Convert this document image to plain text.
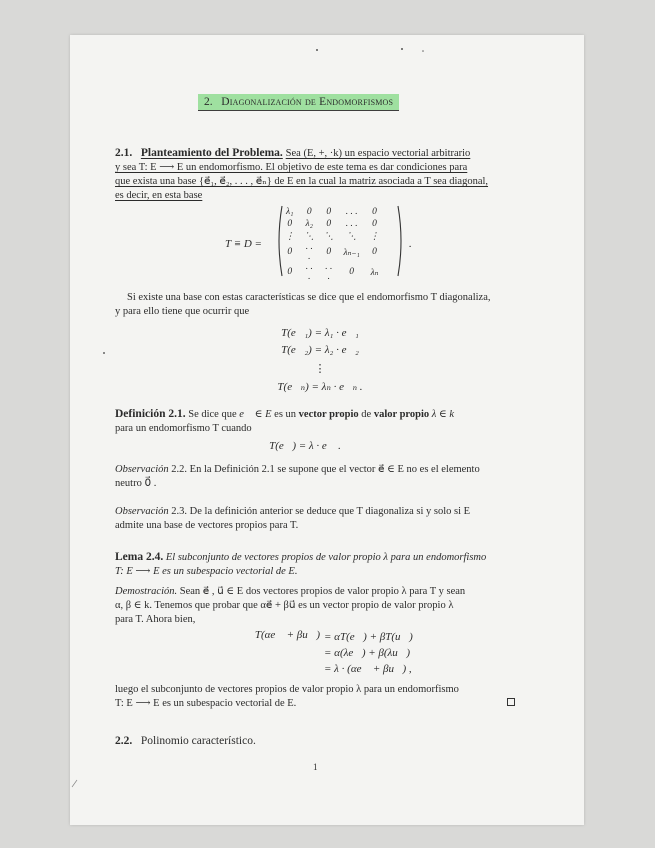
2. Diagonalización de Endomorfismos
2.1. Planteamiento del Problema. Sea (E, +, ·k) un espacio vectorial arbitrario
y sea T: E ⟶ E un endomorfismo. El objetivo de este tema es dar condiciones para
que exista una base {e⃗₁, e⃗₂, . . . , e⃗ₙ} de E en la cual la matriz asociada a T sea diagonal,
es decir, en esta base
T ≡ D =
λ₁	0	0	. . .	0
0	λ₂	0	. . .	0
⋮	⋱	⋱	⋱	⋮
0	. . .	0	λₙ₋₁	0
0	. . .	. . .	0	λₙ
.
Si existe una base con estas características se dice que el endomorfismo T diagonaliza,
y para ello tiene que ocurrir que
T(e⃗₁) = λ₁ · e⃗₁
T(e⃗₂) = λ₂ · e⃗₂
⋮
T(e⃗ₙ) = λₙ · e⃗ₙ .
Definición 2.1. Se dice que e⃗ ∈ E es un vector propio de valor propio λ ∈ k
para un endomorfismo T cuando
T(e⃗) = λ · e⃗ .
Observación 2.2. En la Definición 2.1 se supone que el vector e⃗ ∈ E no es el elemento
neutro 0⃗ .
Observación 2.3. De la definición anterior se deduce que T diagonaliza si y solo si E
admite una base de vectores propios para T.
Lema 2.4. El subconjunto de vectores propios de valor propio λ para un endomorfismo
T: E ⟶ E es un subespacio vectorial de E.
Demostración. Sean e⃗ , u⃗ ∈ E dos vectores propios de valor propio λ para T y sean
α, β ∈ k. Tenemos que probar que αe⃗ + βu⃗ es un vector propio de valor propio λ
para T. Ahora bien,
T(αe⃗ + βu⃗) = αT(e⃗) + βT(u⃗)
= α(λe⃗) + β(λu⃗)
= λ · (αe⃗ + βu⃗) ,
luego el subconjunto de vectores propios de valor propio λ para un endomorfismo
T: E ⟶ E es un subespacio vectorial de E.
2.2. Polinomio característico.
1
